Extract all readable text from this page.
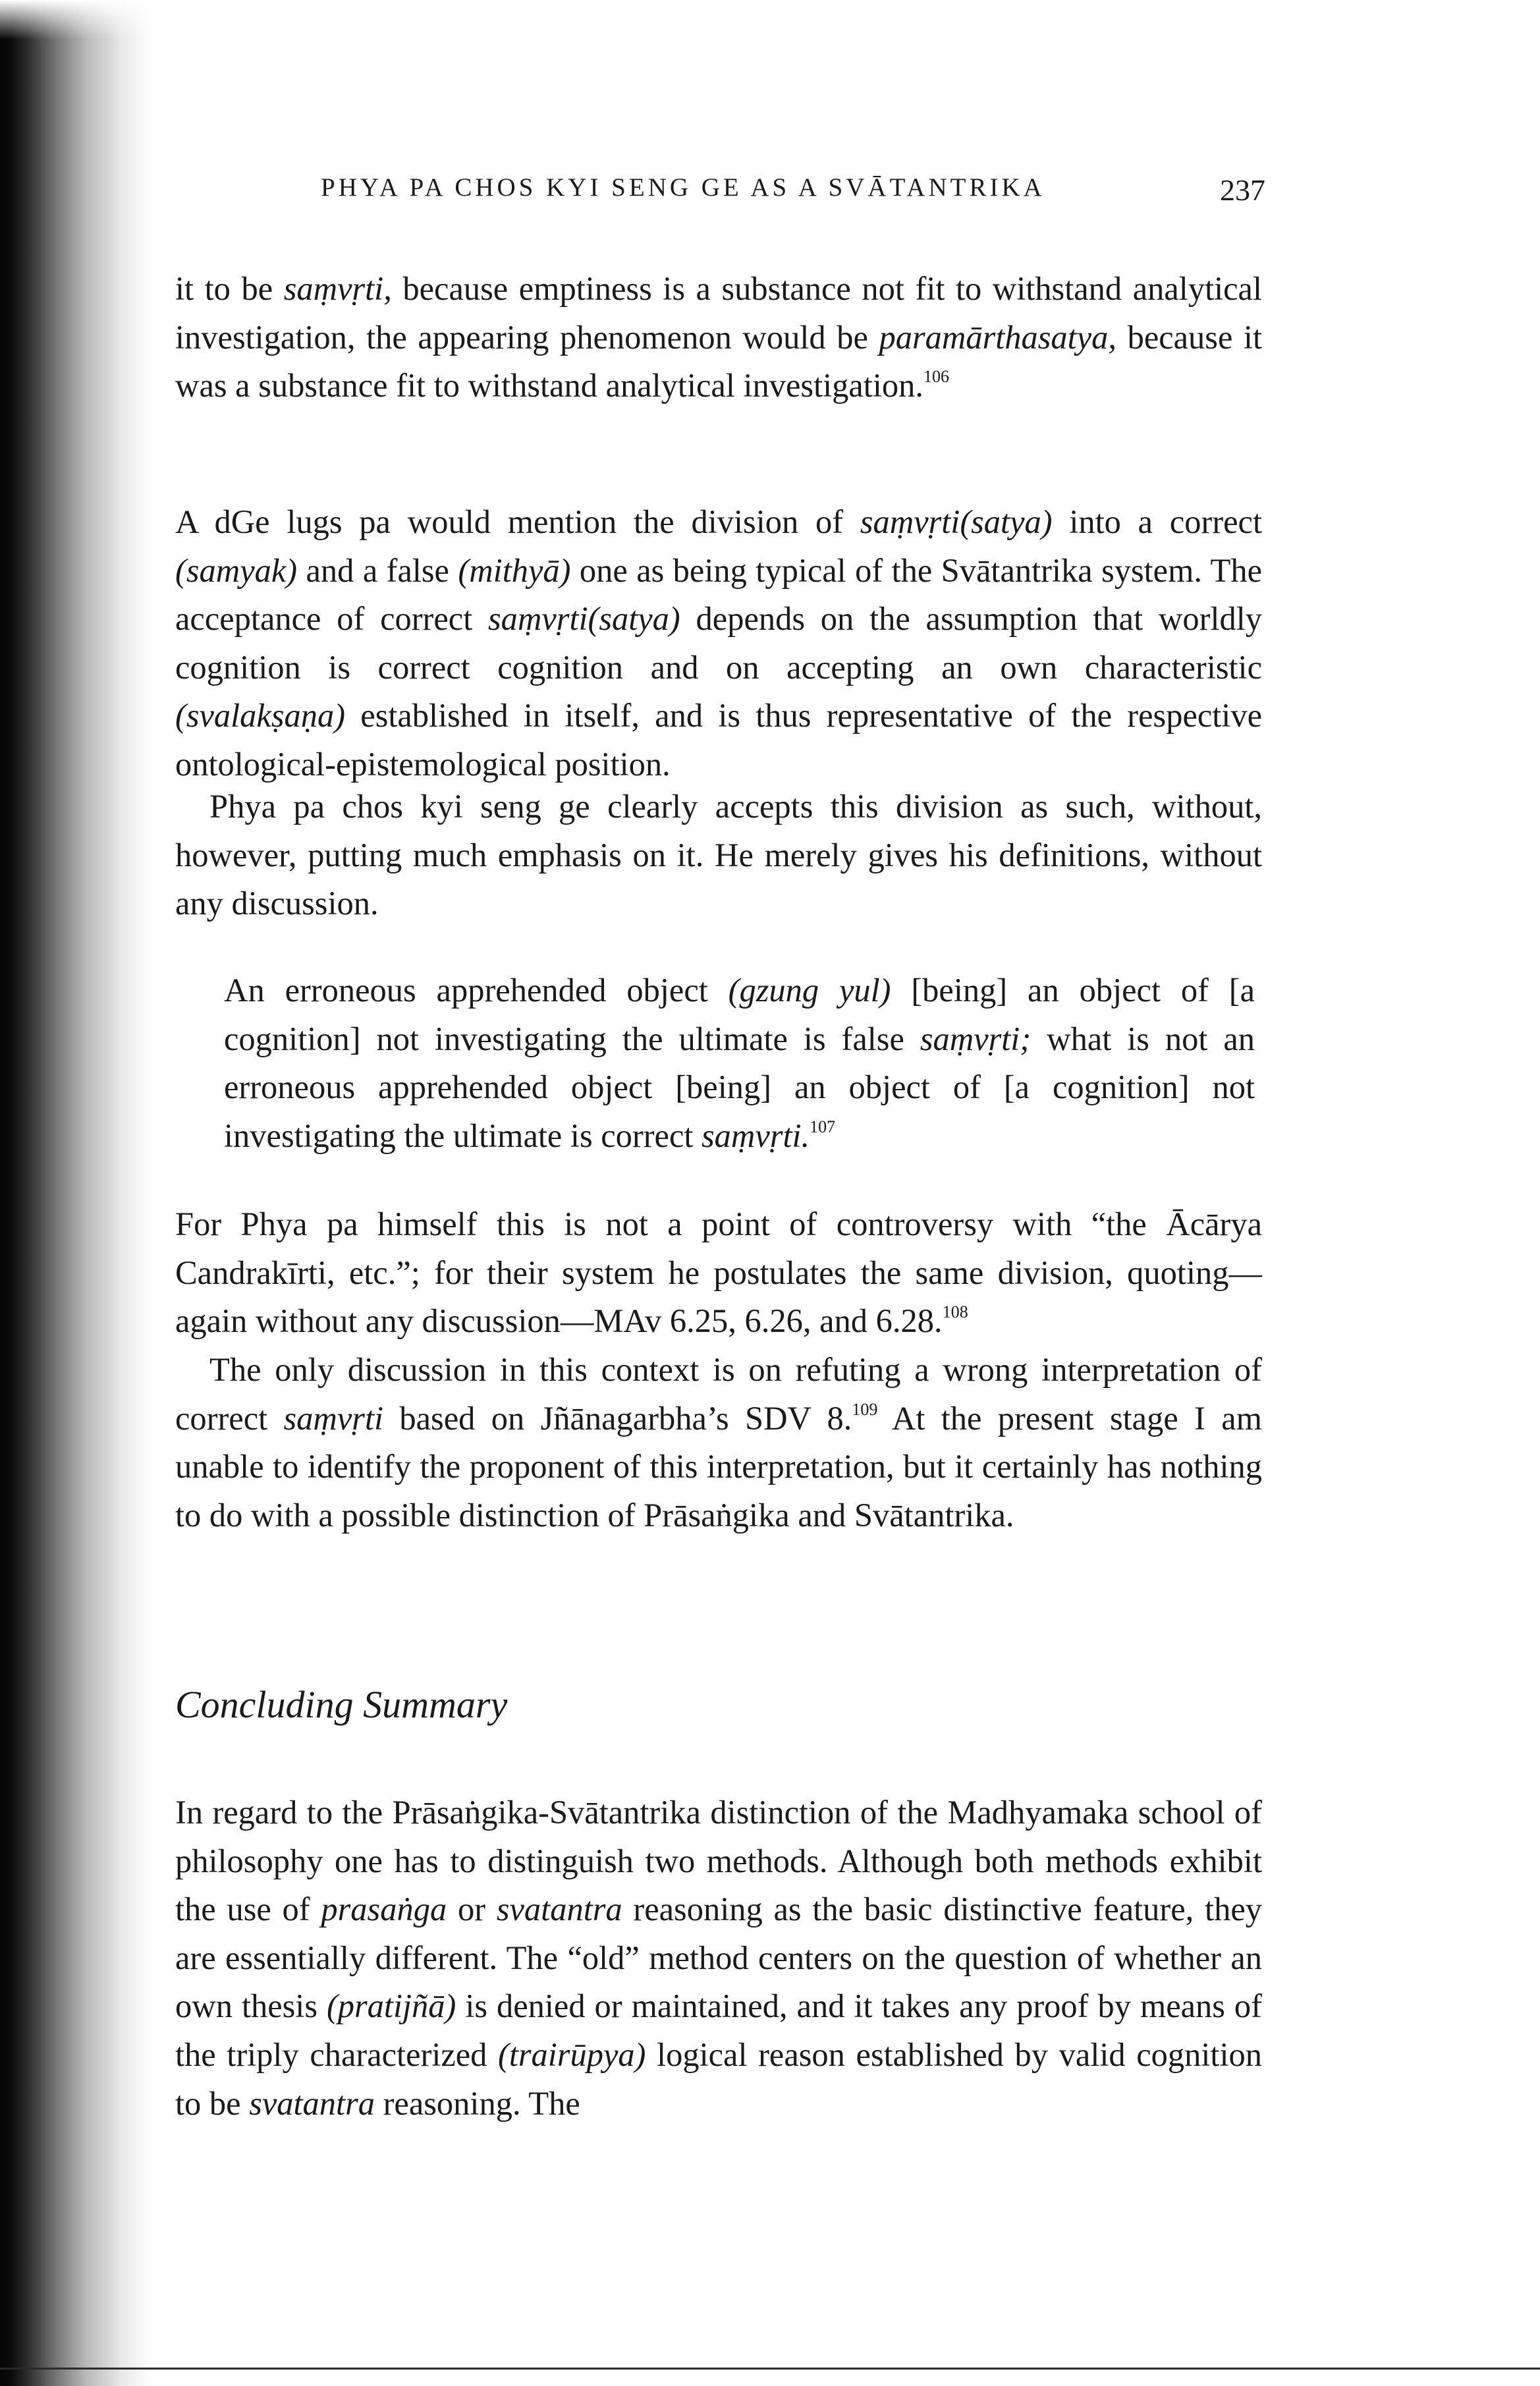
PHYA PA CHOS KYI SENG GE AS A SVĀTANTRIKA	237

it to be saṃvṛti, because emptiness is a substance not fit to withstand analytical investigation, the appearing phenomenon would be paramārthasatya, because it was a substance fit to withstand analytical investigation.$^{106}$

A dGe lugs pa would mention the division of saṃvṛti(satya) into a correct (samyak) and a false (mithyā) one as being typical of the Svātantrika system. The acceptance of correct saṃvṛti(satya) depends on the assumption that worldly cognition is correct cognition and on accepting an own characteristic (svalakṣaṇa) established in itself, and is thus representative of the respective ontological-epistemological position.

Phya pa chos kyi seng ge clearly accepts this division as such, without, however, putting much emphasis on it. He merely gives his definitions, without any discussion.

An erroneous apprehended object (gzung yul) [being] an object of [a cognition] not investigating the ultimate is false saṃvṛti; what is not an erroneous apprehended object [being] an object of [a cognition] not investigating the ultimate is correct saṃvṛti.$^{107}$

For Phya pa himself this is not a point of controversy with “the Ācārya Candrakīrti, etc.”; for their system he postulates the same division, quoting—again without any discussion—MAv 6.25, 6.26, and 6.28.$^{108}$

The only discussion in this context is on refuting a wrong interpretation of correct saṃvṛti based on Jñānagarbha’s SDV 8.$^{109}$ At the present stage I am unable to identify the proponent of this interpretation, but it certainly has nothing to do with a possible distinction of Prāsaṅgika and Svātantrika.

Concluding Summary

In regard to the Prāsaṅgika-Svātantrika distinction of the Madhyamaka school of philosophy one has to distinguish two methods. Although both methods exhibit the use of prasaṅga or svatantra reasoning as the basic distinctive feature, they are essentially different. The “old” method centers on the question of whether an own thesis (pratijñā) is denied or maintained, and it takes any proof by means of the triply characterized (trairūpya) logical reason established by valid cognition to be svatantra reasoning. The
